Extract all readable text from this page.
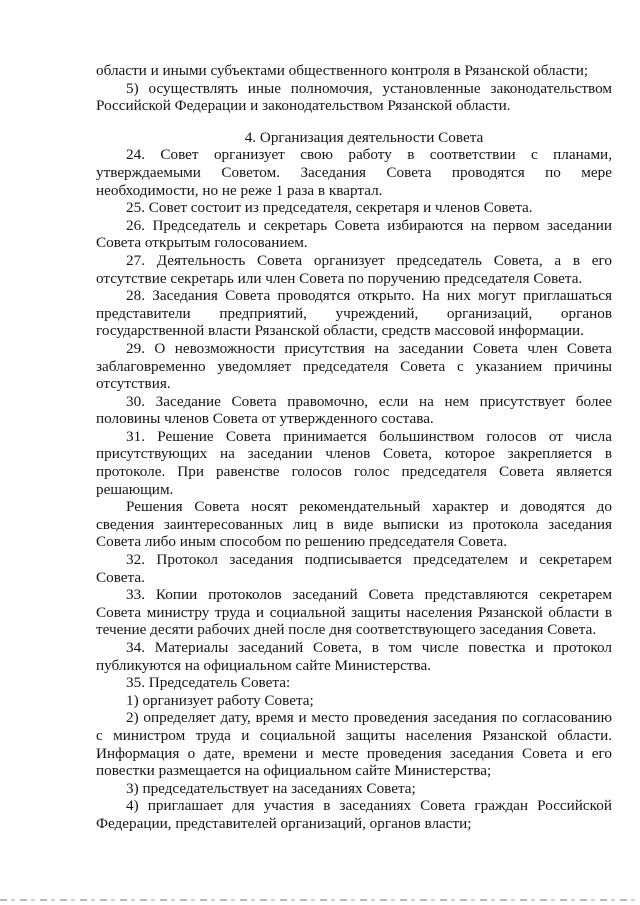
области и иными субъектами общественного контроля в Рязанской области;

5) осуществлять иные полномочия, установленные законодательством Российской Федерации и законодательством Рязанской области.

4. Организация деятельности Совета

24. Совет организует свою работу в соответствии с планами, утверждаемыми Советом. Заседания Совета проводятся по мере необходимости, но не реже 1 раза в квартал.

25. Совет состоит из председателя, секретаря и членов Совета.

26. Председатель и секретарь Совета избираются на первом заседании Совета открытым голосованием.

27. Деятельность Совета организует председатель Совета, а в его отсутствие секретарь или член Совета по поручению председателя Совета.

28. Заседания Совета проводятся открыто. На них могут приглашаться представители предприятий, учреждений, организаций, органов государственной власти Рязанской области, средств массовой информации.

29. О невозможности присутствия на заседании Совета член Совета заблаговременно уведомляет председателя Совета с указанием причины отсутствия.

30. Заседание Совета правомочно, если на нем присутствует более половины членов Совета от утвержденного состава.

31. Решение Совета принимается большинством голосов от числа присутствующих на заседании членов Совета, которое закрепляется в протоколе. При равенстве голосов голос председателя Совета является решающим.

Решения Совета носят рекомендательный характер и доводятся до сведения заинтересованных лиц в виде выписки из протокола заседания Совета либо иным способом по решению председателя Совета.

32. Протокол заседания подписывается председателем и секретарем Совета.

33. Копии протоколов заседаний Совета представляются секретарем Совета министру труда и социальной защиты населения Рязанской области в течение десяти рабочих дней после дня соответствующего заседания Совета.

34. Материалы заседаний Совета, в том числе повестка и протокол публикуются на официальном сайте Министерства.

35. Председатель Совета:

1) организует работу Совета;

2) определяет дату, время и место проведения заседания по согласованию с министром труда и социальной защиты населения Рязанской области. Информация о дате, времени и месте проведения заседания Совета и его повестки размещается на официальном сайте Министерства;

3) председательствует на заседаниях Совета;

4) приглашает для участия в заседаниях Совета граждан Российской Федерации, представителей организаций, органов власти;
